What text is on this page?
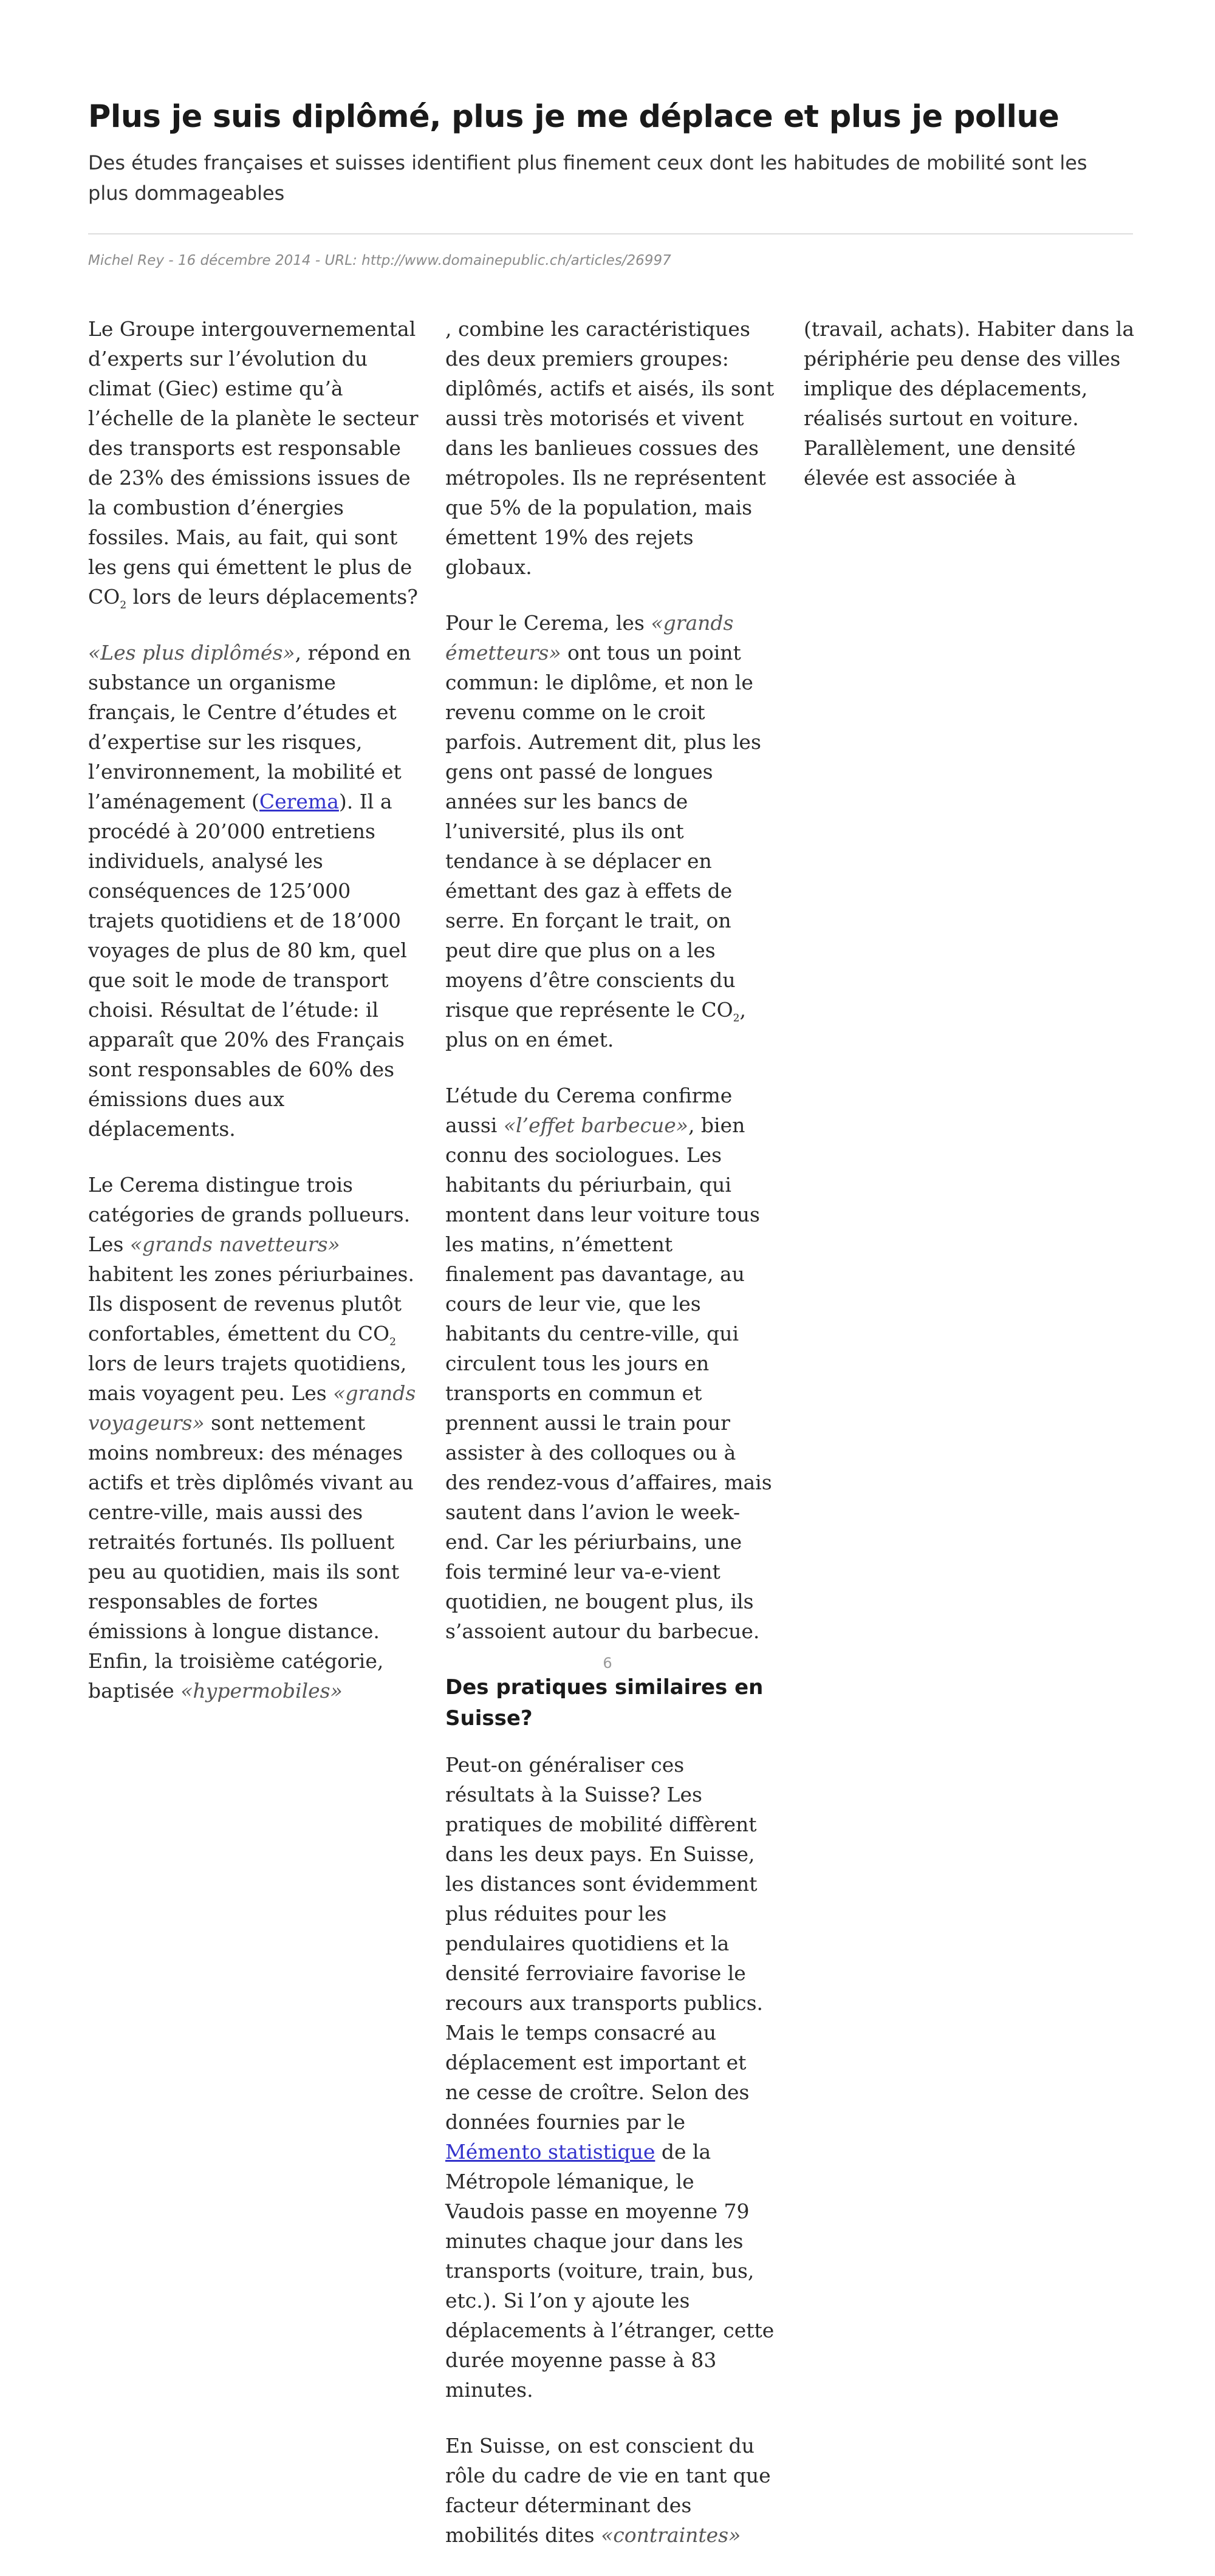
Plus je suis diplômé, plus je me déplace et plus je pollue

Des études françaises et suisses identifient plus finement ceux dont les habitudes de mobilité sont les plus dommageables

Michel Rey - 16 décembre 2014 - URL: http://www.domainepublic.ch/articles/26997

Le Groupe intergouvernemental d’experts sur l’évolution du climat (Giec) estime qu’à l’échelle de la planète le secteur des transports est responsable de 23% des émissions issues de la combustion d’énergies fossiles. Mais, au fait, qui sont les gens qui émettent le plus de $CO_2$ lors de leurs déplacements?

«Les plus diplômés», répond en substance un organisme français, le Centre d’études et d’expertise sur les risques, l’environnement, la mobilité et l’aménagement (Cerema). Il a procédé à 20’000 entretiens individuels, analysé les conséquences de 125’000 trajets quotidiens et de 18’000 voyages de plus de 80 km, quel que soit le mode de transport choisi. Résultat de l’étude: il apparaît que 20% des Français sont responsables de 60% des émissions dues aux déplacements.

Le Cerema distingue trois catégories de grands pollueurs. Les «grands navetteurs» habitent les zones périurbaines. Ils disposent de revenus plutôt confortables, émettent du $CO_2$ lors de leurs trajets quotidiens, mais voyagent peu. Les «grands voyageurs» sont nettement moins nombreux: des ménages actifs et très diplômés vivant au centre-ville, mais aussi des retraités fortunés. Ils polluent peu au quotidien, mais ils sont responsables de fortes émissions à longue distance. Enfin, la troisième catégorie, baptisée «hypermobiles»

, combine les caractéristiques des deux premiers groupes: diplômés, actifs et aisés, ils sont aussi très motorisés et vivent dans les banlieues cossues des métropoles. Ils ne représentent que 5% de la population, mais émettent 19% des rejets globaux.

Pour le Cerema, les «grands émetteurs» ont tous un point commun: le diplôme, et non le revenu comme on le croit parfois. Autrement dit, plus les gens ont passé de longues années sur les bancs de l’université, plus ils ont tendance à se déplacer en émettant des gaz à effets de serre. En forçant le trait, on peut dire que plus on a les moyens d’être conscients du risque que représente le $CO_2$, plus on en émet.

L’étude du Cerema confirme aussi «l’effet barbecue», bien connu des sociologues. Les habitants du périurbain, qui montent dans leur voiture tous les matins, n’émettent finalement pas davantage, au cours de leur vie, que les habitants du centre-ville, qui circulent tous les jours en transports en commun et prennent aussi le train pour assister à des colloques ou à des rendez-vous d’affaires, mais sautent dans l’avion le week-end. Car les périurbains, une fois terminé leur va-e-vient quotidien, ne bougent plus, ils s’assoient autour du barbecue.

Des pratiques similaires en Suisse?

Peut-on généraliser ces résultats à la Suisse? Les pratiques de mobilité diffèrent dans les deux pays. En Suisse, les distances sont évidemment plus réduites pour les pendulaires quotidiens et la densité ferroviaire favorise le recours aux transports publics. Mais le temps consacré au déplacement est important et ne cesse de croître. Selon des données fournies par le Mémento statistique de la Métropole lémanique, le Vaudois passe en moyenne 79 minutes chaque jour dans les transports (voiture, train, bus, etc.). Si l’on y ajoute les déplacements à l’étranger, cette durée moyenne passe à 83 minutes.

En Suisse, on est conscient du rôle du cadre de vie en tant que facteur déterminant des mobilités dites «contraintes»

(travail, achats). Habiter dans la périphérie peu dense des villes implique des déplacements, réalisés surtout en voiture. Parallèlement, une densité élevée est associée à

6
